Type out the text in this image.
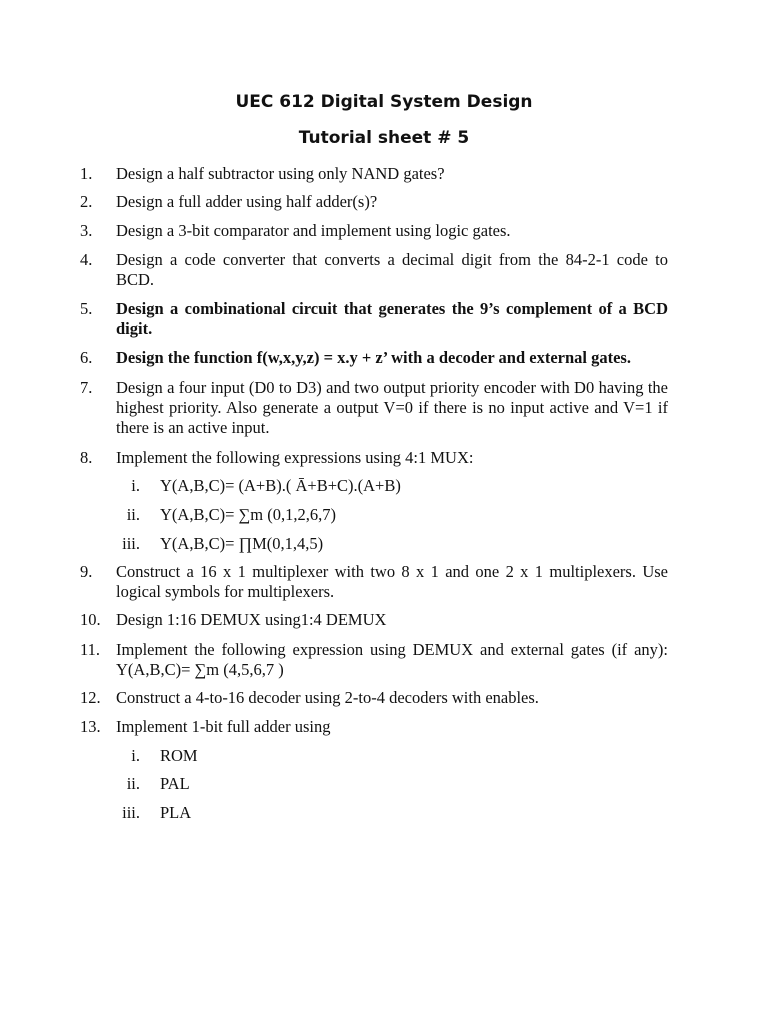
UEC 612 Digital System Design
Tutorial sheet # 5
1. Design a half subtractor using only NAND gates?
2. Design a full adder using half adder(s)?
3. Design a 3-bit comparator and implement using logic gates.
4. Design a code converter that converts a decimal digit from the 84-2-1 code to BCD.
5. Design a combinational circuit that generates the 9’s complement of a BCD digit.
6. Design the function f(w,x,y,z) = x.y + z’ with a decoder and external gates.
7. Design a four input (D0 to D3) and two output priority encoder with D0 having the highest priority. Also generate a output V=0 if there is no input active and V=1 if there is an active input.
8. Implement the following expressions using 4:1 MUX:
i. Y(A,B,C)= (A+B).( Ā+B+C).(A+B)
ii. Y(A,B,C)= ∑m (0,1,2,6,7)
iii. Y(A,B,C)= ∏M(0,1,4,5)
9. Construct a 16 x 1 multiplexer with two 8 x 1 and one 2 x 1 multiplexers. Use logical symbols for multiplexers.
10. Design 1:16 DEMUX using1:4 DEMUX
11. Implement the following expression using DEMUX and external gates (if any): Y(A,B,C)= ∑m (4,5,6,7 )
12. Construct a 4-to-16 decoder using 2-to-4 decoders with enables.
13. Implement 1-bit full adder using
i. ROM
ii. PAL
iii. PLA
